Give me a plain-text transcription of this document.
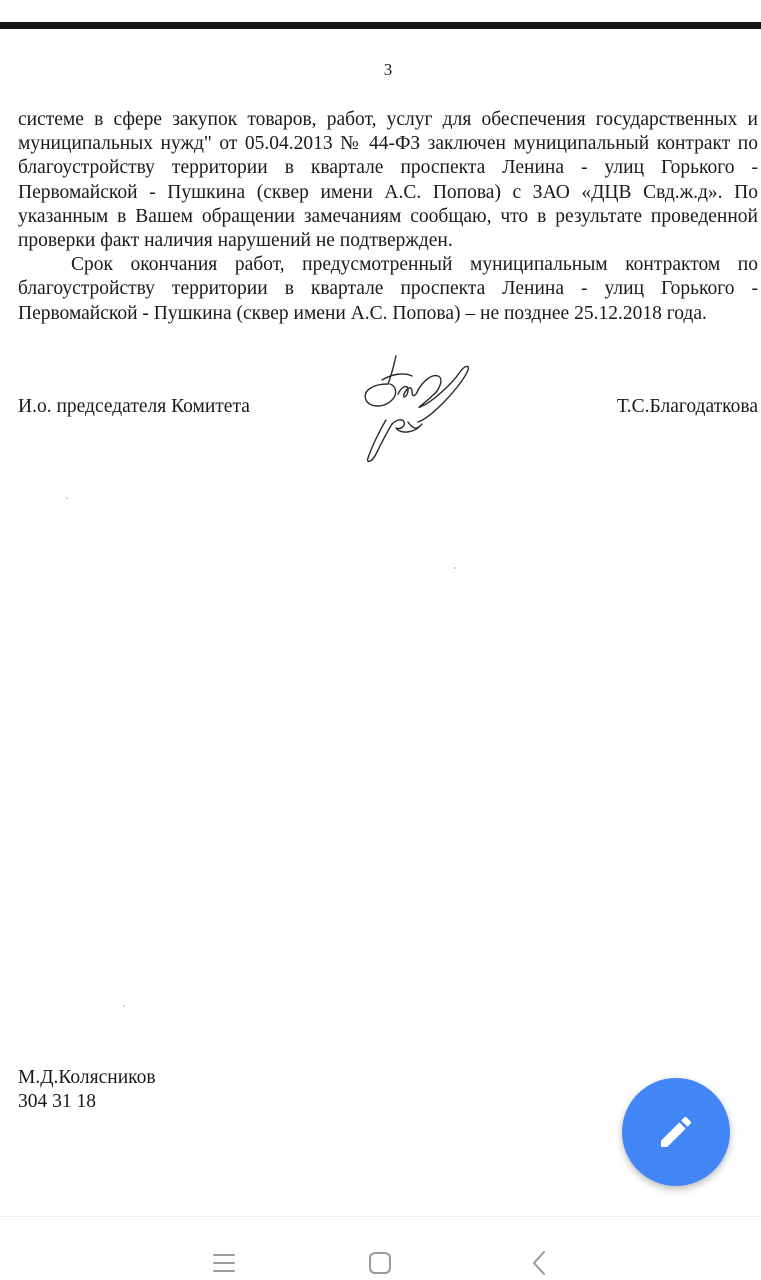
3

системе в сфере закупок товаров, работ, услуг для обеспечения государственных и муниципальных нужд" от 05.04.2013 № 44-ФЗ заключен муниципальный контракт по благоустройству территории в квартале проспекта Ленина - улиц Горького - Первомайской - Пушкина (сквер имени А.С. Попова) с ЗАО «ДЦВ Свд.ж.д». По указанным в Вашем обращении замечаниям сообщаю, что в результате проведенной проверки факт наличия нарушений не подтвержден.

Срок окончания работ, предусмотренный муниципальным контрактом по благоустройству территории в квартале проспекта Ленина - улиц Горького - Первомайской - Пушкина (сквер имени А.С. Попова) – не позднее 25.12.2018 года.

И.о. председателя Комитета	Т.С.Благодаткова
М.Д.Колясников
304 31 18
